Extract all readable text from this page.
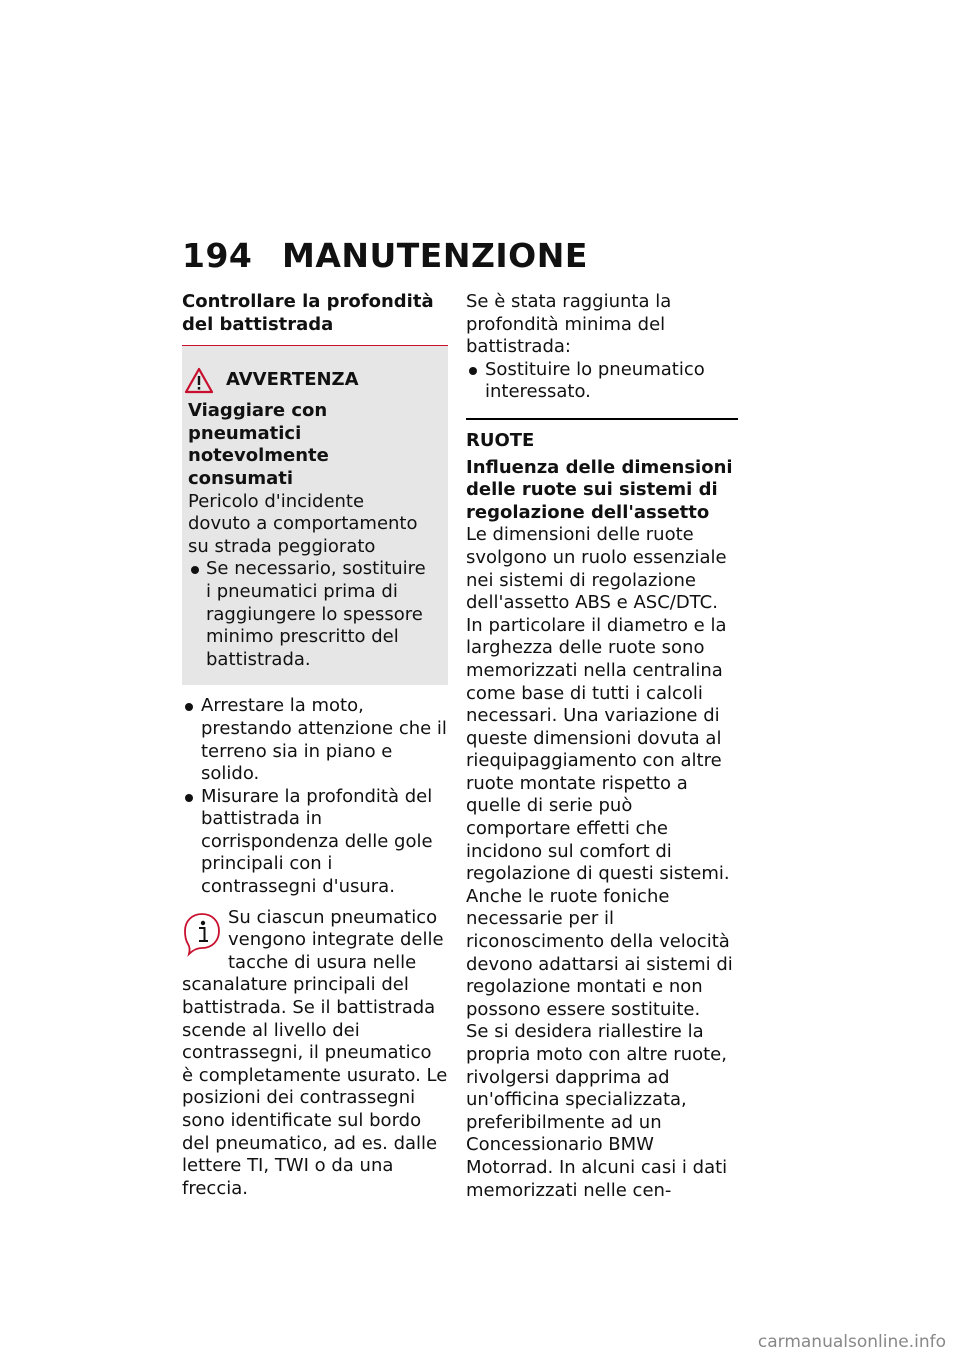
194 MANUTENZIONE

Controllare la profondità del battistrada

AVVERTENZA

Viaggiare con pneumatici notevolmente consumati

Pericolo d'incidente dovuto a comportamento su strada peggiorato

Se necessario, sostituire i pneumatici prima di raggiungere lo spessore minimo prescritto del battistrada.
Arrestare la moto, prestando attenzione che il terreno sia in piano e solido.
Misurare la profondità del battistrada in corrispondenza delle gole principali con i contrassegni d'usura.

Su ciascun pneumatico vengono integrate delle tacche di usura nelle scanalature principali del battistrada. Se il battistrada scende al livello dei contrassegni, il pneumatico è completamente usurato. Le posizioni dei contrassegni sono identificate sul bordo del pneumatico, ad es. dalle lettere TI, TWI o da una freccia.

Se è stata raggiunta la profondità minima del battistrada:

Sostituire lo pneumatico interessato.

RUOTE

Influenza delle dimensioni delle ruote sui sistemi di regolazione dell'assetto

Le dimensioni delle ruote svolgono un ruolo essenziale nei sistemi di regolazione dell'assetto ABS e ASC/DTC. In particolare il diametro e la larghezza delle ruote sono memorizzati nella centralina come base di tutti i calcoli necessari. Una variazione di queste dimensioni dovuta al riequipaggiamento con altre ruote montate rispetto a quelle di serie può comportare effetti che incidono sul comfort di regolazione di questi sistemi.

Anche le ruote foniche necessarie per il riconoscimento della velocità devono adattarsi ai sistemi di regolazione montati e non possono essere sostituite.

Se si desidera riallestire la propria moto con altre ruote, rivolgersi dapprima ad un'officina specializzata, preferibilmente ad un Concessionario BMW Motorrad. In alcuni casi i dati memorizzati nelle cen-

carmanualsonline.info
